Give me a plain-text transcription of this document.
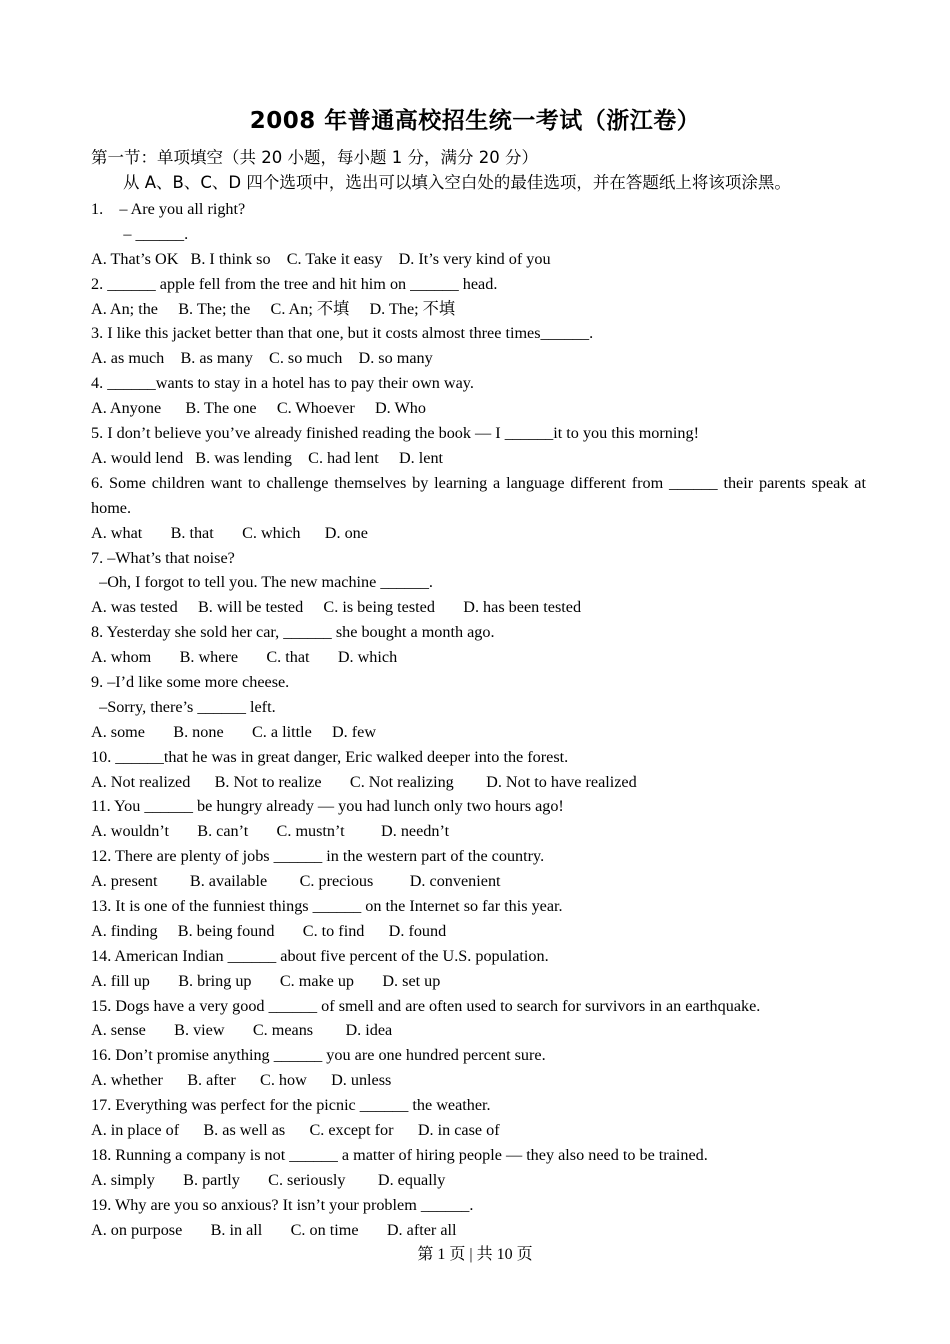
2008 年普通高校招生统一考试（浙江卷）
第一节：单项填空（共 20 小题，每小题 1 分，满分 20 分）
从 A、B、C、D 四个选项中，选出可以填入空白处的最佳选项，并在答题纸上将该项涂黑。
1.    – Are you all right?
– ______.
A. That’s OK   B. I think so    C. Take it easy    D. It’s very kind of you
2. ______ apple fell from the tree and hit him on ______ head.
A. An; the     B. The; the     C. An; 不填     D. The; 不填
3. I like this jacket better than that one, but it costs almost three times______.
A. as much    B. as many    C. so much    D. so many
4. ______wants to stay in a hotel has to pay their own way.
A. Anyone      B. The one     C. Whoever     D. Who
5. I don’t believe you’ve already finished reading the book — I ______it to you this morning!
A. would lend   B. was lending    C. had lent     D. lent
6. Some children want to challenge themselves by learning a language different from ______ their parents speak at home.
A. what       B. that       C. which      D. one
7. –What’s that noise?
–Oh, I forgot to tell you. The new machine ______.
A. was tested     B. will be tested     C. is being tested       D. has been tested
8. Yesterday she sold her car, ______ she bought a month ago.
A. whom       B. where       C. that       D. which
9. –I’d like some more cheese.
–Sorry, there’s ______ left.
A. some       B. none       C. a little     D. few
10. ______that he was in great danger, Eric walked deeper into the forest.
A. Not realized      B. Not to realize       C. Not realizing        D. Not to have realized
11. You ______ be hungry already — you had lunch only two hours ago!
A. wouldn’t       B. can’t       C. mustn’t         D. needn’t
12. There are plenty of jobs ______ in the western part of the country.
A. present        B. available        C. precious         D. convenient
13. It is one of the funniest things ______ on the Internet so far this year.
A. finding     B. being found       C. to find      D. found
14. American Indian ______ about five percent of the U.S. population.
A. fill up       B. bring up       C. make up       D. set up
15. Dogs have a very good ______ of smell and are often used to search for survivors in an earthquake.
A. sense       B. view       C. means        D. idea
16. Don’t promise anything ______ you are one hundred percent sure.
A. whether      B. after      C. how      D. unless
17. Everything was perfect for the picnic ______ the weather.
A. in place of      B. as well as      C. except for      D. in case of
18. Running a company is not ______ a matter of hiring people — they also need to be trained.
A. simply       B. partly       C. seriously        D. equally
19. Why are you so anxious? It isn’t your problem ______.
A. on purpose       B. in all       C. on time       D. after all
第 1 页 | 共 10 页
